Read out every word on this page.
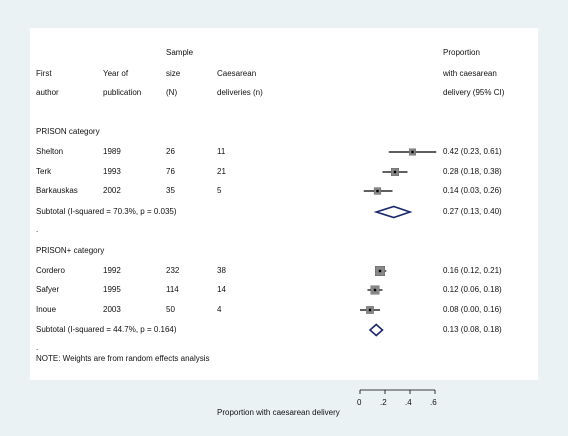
Sample	Proportion
First	Year of	size	Caesarean	with caesarean
author	publication	(N)	deliveries (n)	delivery (95% CI)
PRISON category
Shelton	1989	26	11	0.42 (0.23, 0.61)
Terk	1993	76	21	0.28 (0.18, 0.38)
Barkauskas	2002	35	5	0.14 (0.03, 0.26)
Subtotal (I-squared = 70.3%, p = 0.035)	0.27 (0.13, 0.40)
.
PRISON+ category
Cordero	1992	232	38	0.16 (0.12, 0.21)
Safyer	1995	114	14	0.12 (0.06, 0.18)
Inoue	2003	50	4	0.08 (0.00, 0.16)
Subtotal (I-squared = 44.7%, p = 0.164)	0.13 (0.08, 0.18)
.
NOTE: Weights are from random effects analysis
0 .2 .4 .6
Proportion with caesarean delivery
